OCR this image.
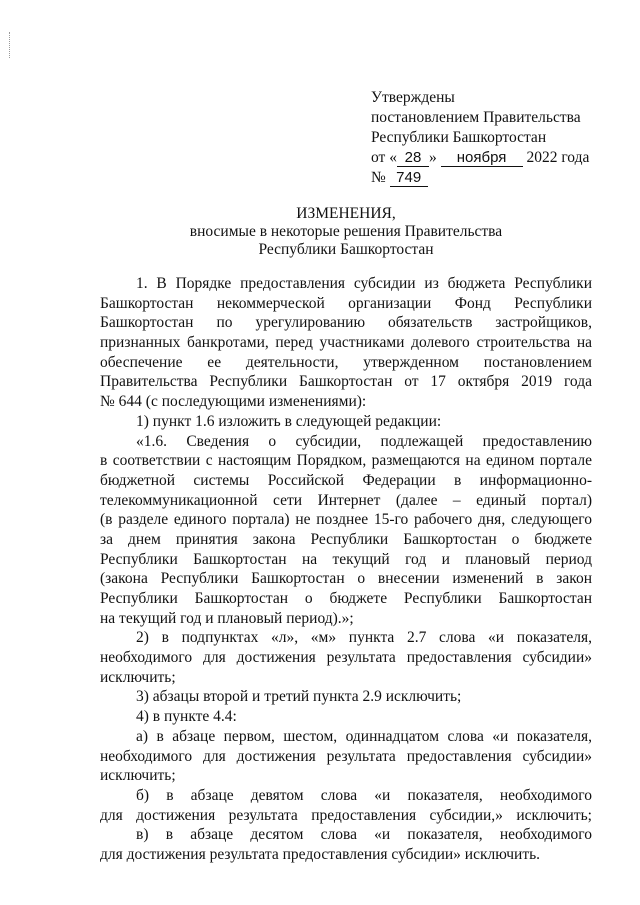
Утверждены
постановлением Правительства
Республики Башкортостан
от « 28 » ноября 2022 года
№ 749
ИЗМЕНЕНИЯ,
вносимые в некоторые решения Правительства
Республики Башкортостан
1. В Порядке предоставления субсидии из бюджета Республики
Башкортостан некоммерческой организации Фонд Республики
Башкортостан по урегулированию обязательств застройщиков,
признанных банкротами, перед участниками долевого строительства на
обеспечение ее деятельности, утвержденном постановлением
Правительства Республики Башкортостан от 17 октября 2019 года
№ 644 (с последующими изменениями):
1) пункт 1.6 изложить в следующей редакции:
«1.6. Сведения о субсидии, подлежащей предоставлению
в соответствии с настоящим Порядком, размещаются на едином портале
бюджетной системы Российской Федерации в информационно-
телекоммуникационной сети Интернет (далее – единый портал)
(в разделе единого портала) не позднее 15-го рабочего дня, следующего
за днем принятия закона Республики Башкортостан о бюджете
Республики Башкортостан на текущий год и плановый период
(закона Республики Башкортостан о внесении изменений в закон
Республики Башкортостан о бюджете Республики Башкортостан
на текущий год и плановый период).»;
2) в подпунктах «л», «м» пункта 2.7 слова «и показателя,
необходимого для достижения результата предоставления субсидии»
исключить;
3) абзацы второй и третий пункта 2.9 исключить;
4) в пункте 4.4:
а) в абзаце первом, шестом, одиннадцатом слова «и показателя,
необходимого для достижения результата предоставления субсидии»
исключить;
б) в абзаце девятом слова «и показателя, необходимого
для достижения результата предоставления субсидии,» исключить;
в) в абзаце десятом слова «и показателя, необходимого
для достижения результата предоставления субсидии» исключить.
